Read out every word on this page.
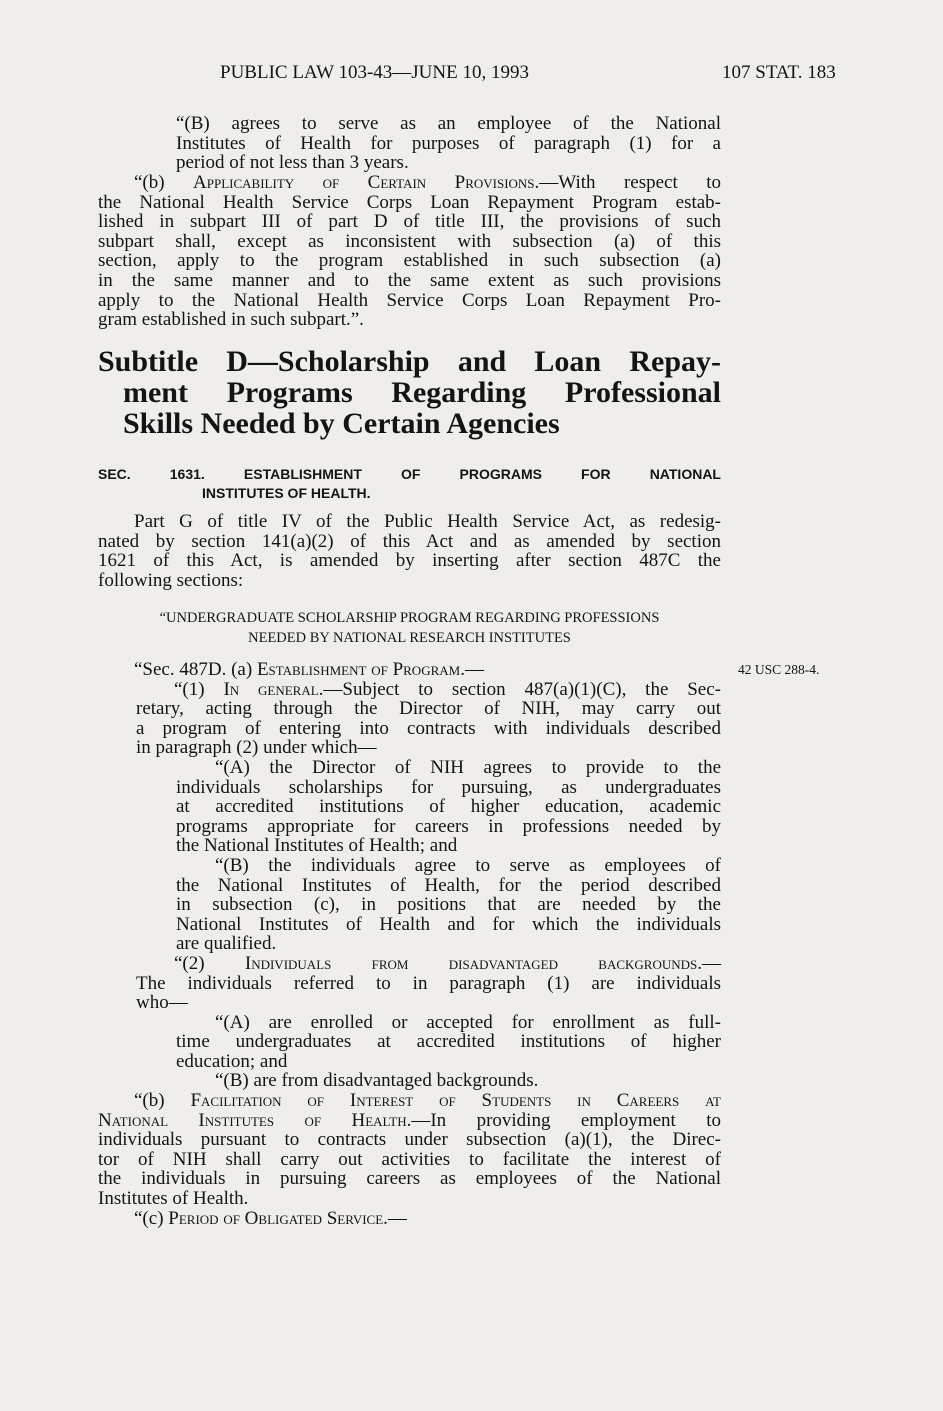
PUBLIC LAW 103-43—JUNE 10, 1993	107 STAT. 183
“(B) agrees to serve as an employee of the National
Institutes of Health for purposes of paragraph (1) for a
period of not less than 3 years.
“(b) Applicability of Certain Provisions.—With respect to
the National Health Service Corps Loan Repayment Program estab-
lished in subpart III of part D of title III, the provisions of such
subpart shall, except as inconsistent with subsection (a) of this
section, apply to the program established in such subsection (a)
in the same manner and to the same extent as such provisions
apply to the National Health Service Corps Loan Repayment Pro-
gram established in such subpart.”.
Subtitle D—Scholarship and Loan Repay-
ment Programs Regarding Professional
Skills Needed by Certain Agencies
SEC. 1631. ESTABLISHMENT OF PROGRAMS FOR NATIONAL
INSTITUTES OF HEALTH.
Part G of title IV of the Public Health Service Act, as redesig-
nated by section 141(a)(2) of this Act and as amended by section
1621 of this Act, is amended by inserting after section 487C the
following sections:
“UNDERGRADUATE SCHOLARSHIP PROGRAM REGARDING PROFESSIONS
NEEDED BY NATIONAL RESEARCH INSTITUTES
42 USC 288-4.
“Sec. 487D. (a) Establishment of Program.—
“(1) In general.—Subject to section 487(a)(1)(C), the Sec-
retary, acting through the Director of NIH, may carry out
a program of entering into contracts with individuals described
in paragraph (2) under which—
“(A) the Director of NIH agrees to provide to the
individuals scholarships for pursuing, as undergraduates
at accredited institutions of higher education, academic
programs appropriate for careers in professions needed by
the National Institutes of Health; and
“(B) the individuals agree to serve as employees of
the National Institutes of Health, for the period described
in subsection (c), in positions that are needed by the
National Institutes of Health and for which the individuals
are qualified.
“(2) Individuals from disadvantaged backgrounds.—
The individuals referred to in paragraph (1) are individuals
who—
“(A) are enrolled or accepted for enrollment as full-
time undergraduates at accredited institutions of higher
education; and
“(B) are from disadvantaged backgrounds.
“(b) Facilitation of Interest of Students in Careers at
National Institutes of Health.—In providing employment to
individuals pursuant to contracts under subsection (a)(1), the Direc-
tor of NIH shall carry out activities to facilitate the interest of
the individuals in pursuing careers as employees of the National
Institutes of Health.
“(c) Period of Obligated Service.—
